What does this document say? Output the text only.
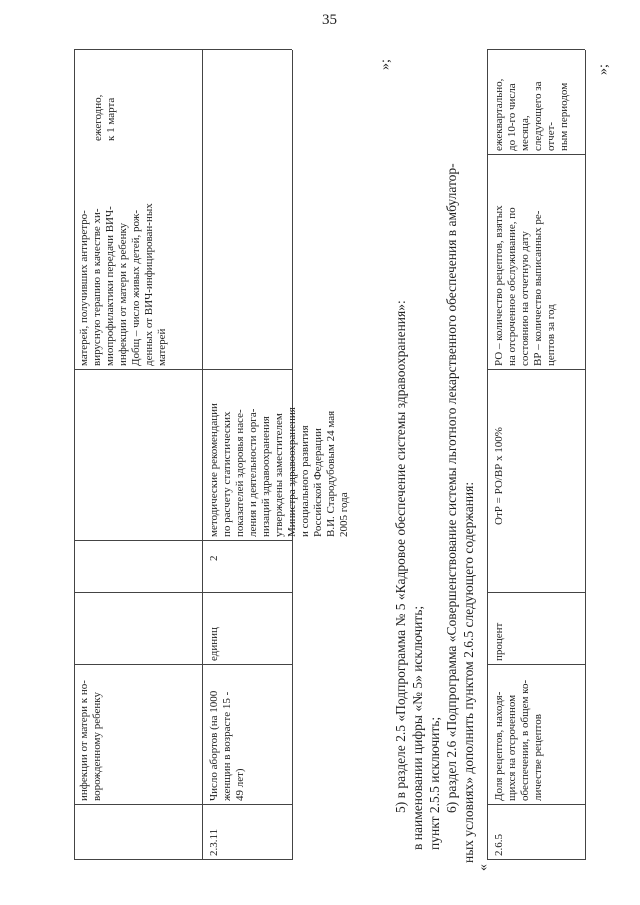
35
инфекции от матери к но-
ворожденному ребенку
матерей, получивших антиретро-
вирусную терапию в качестве хи-
миопрофилактики передачи ВИЧ-
инфекции от матери к ребенку
Добщ – число живых детей, рож-
денных от ВИЧ-инфицирован-ных
матерей
ежегодно,
к 1 марта
2.3.11
Число абортов (на 1000
женщин в возрасте 15 -
49 лет)
единиц
2
методические рекомендации
по расчету статистических
показателей здоровья насе-
ления и деятельности орга-
низаций здравоохранения
утверждены заместителем
Министра здравоохранения
и социального развития
Российской Федерации
В.И. Стародубовым 24 мая
2005 года
»;
5) в разделе 2.5 «Подпрограмма № 5 «Кадровое обеспечение системы здравоохранения»: в наименовании цифры «№ 5» исключить; пункт 2.5.5 исключить; 6) раздел 2.6 «Подпрограмма «Совершенствование системы льготного лекарственного обеспечения в амбулатор- ных условиях» дополнить пунктом 2.6.5 следующего содержания:
«
2.6.5
Доля рецептов, находя-
щихся на отсроченном
обеспечении, в общем ко-
личестве рецептов
процент
ОтР = РО/ВР х 100%
РО – количество рецептов, взятых
на отсроченное обслуживание, по
состоянию на отчетную дату
ВР – количество выписанных ре-
цептов за год
ежеквартально,
до 10-го числа месяца,
следующего за отчет-
ным периодом
»;
